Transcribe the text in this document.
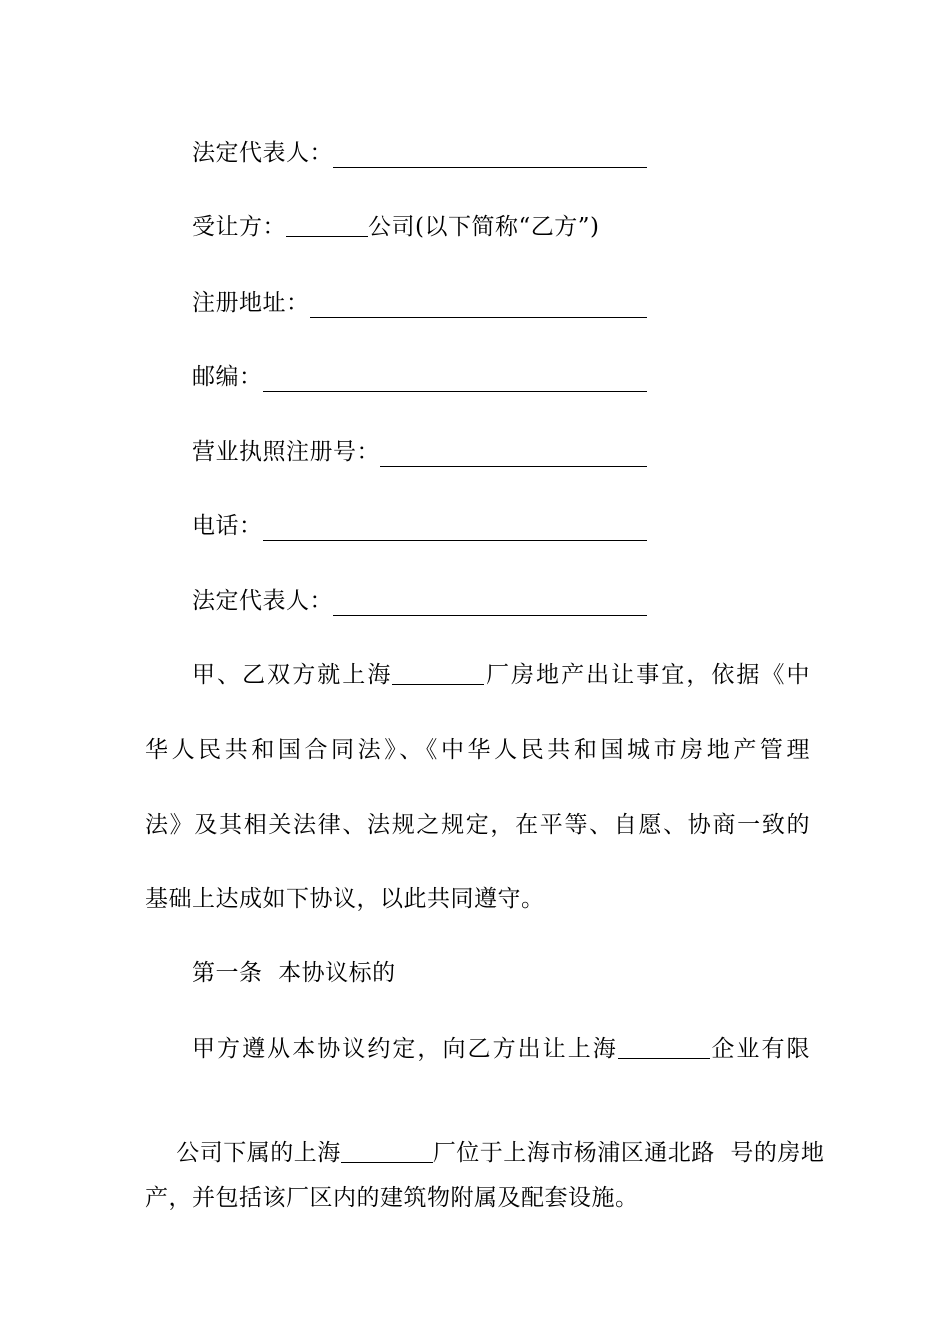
法定代表人：
受让方：	公司(以下简称“乙方”)
注册地址：
邮编：
营业执照注册号：
电话：
法定代表人：
甲、乙双方就上海	厂房地产出让事宜，依据《中
华人民共和国合同法》、《中华人民共和国城市房地产管理
法》及其相关法律、法规之规定，在平等、自愿、协商一致的
基础上达成如下协议，以此共同遵守。
第一条  本协议标的
甲方遵从本协议约定，向乙方出让上海	企业有限

公司下属的上海	厂位于上海市杨浦区通北路  号的房地

产，并包括该厂区内的建筑物附属及配套设施。
